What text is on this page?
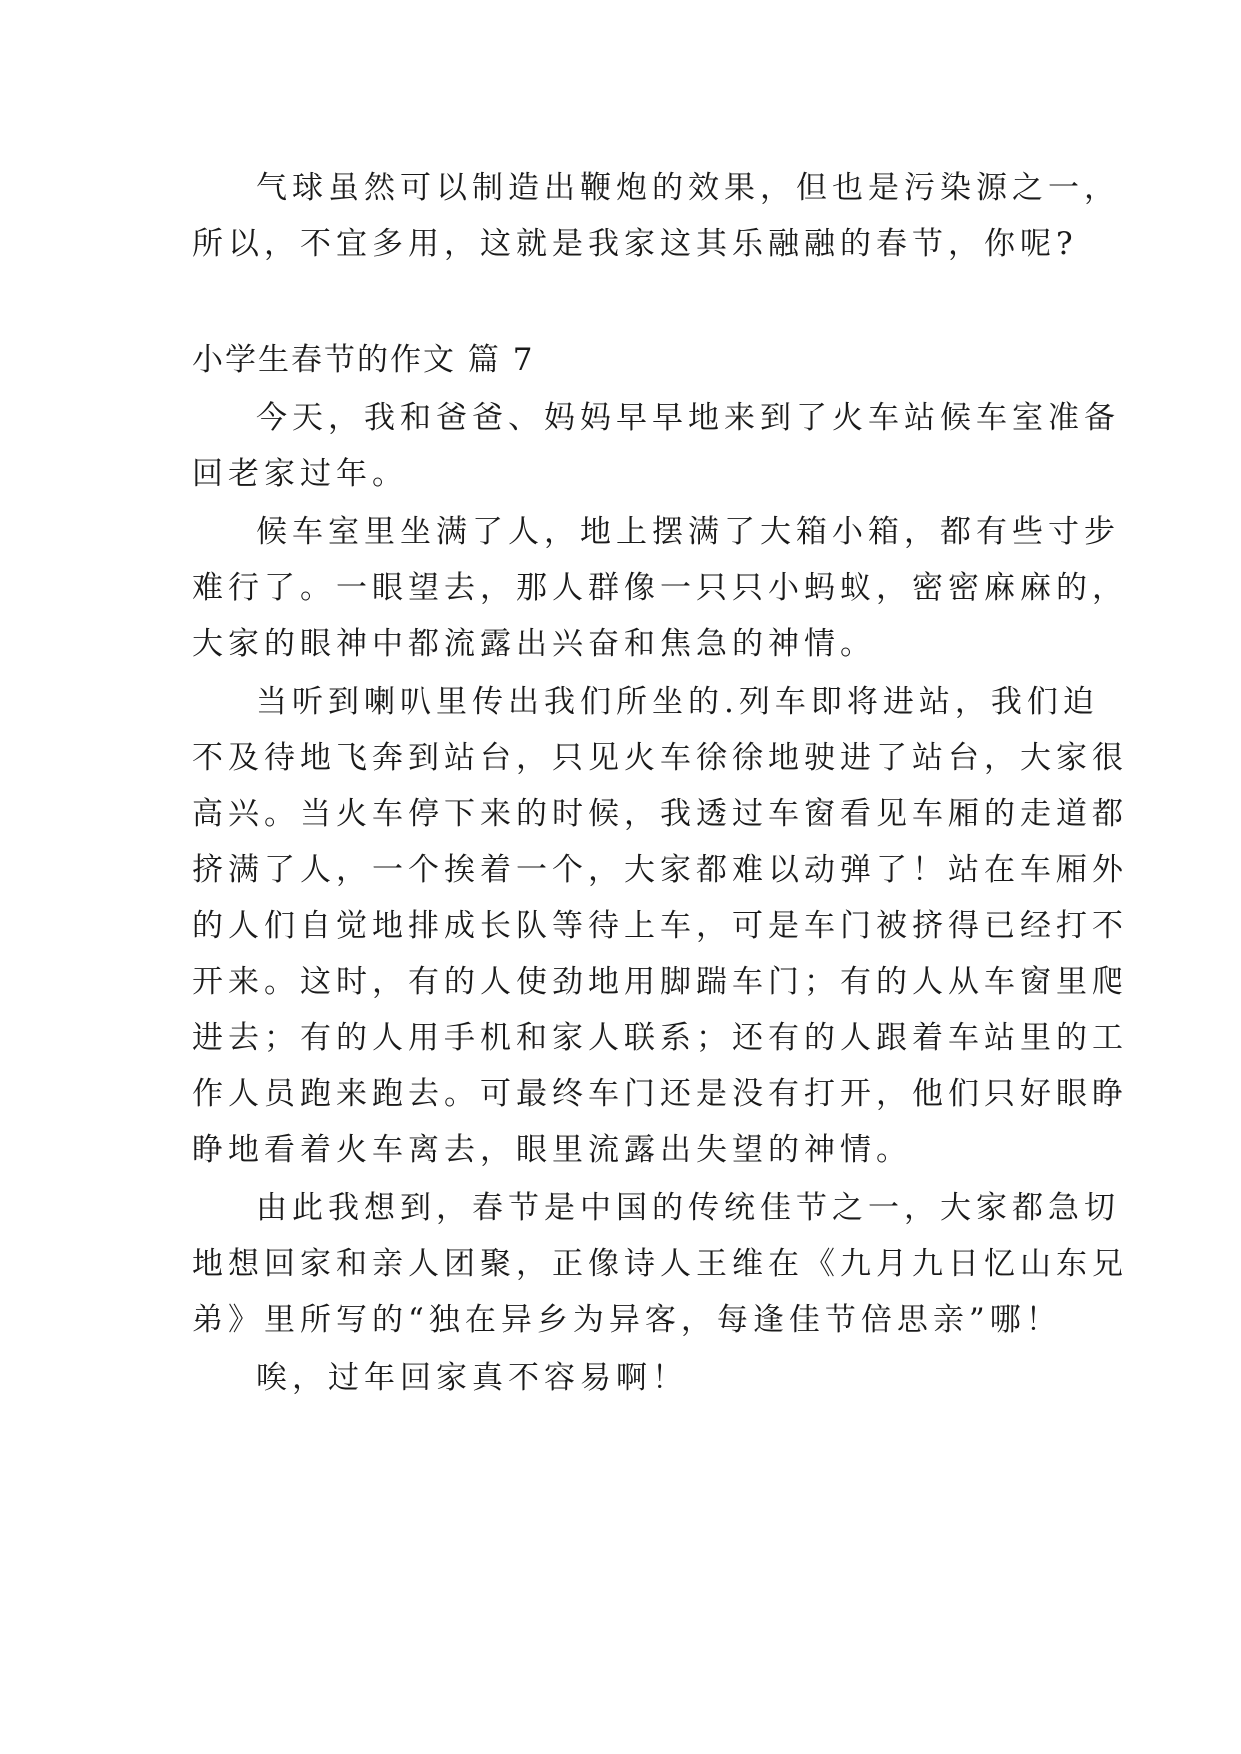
气球虽然可以制造出鞭炮的效果，但也是污染源之一，
所以，不宜多用，这就是我家这其乐融融的春节，你呢?
小学生春节的作文 篇 7
今天，我和爸爸、妈妈早早地来到了火车站候车室准备
回老家过年。
候车室里坐满了人，地上摆满了大箱小箱，都有些寸步
难行了。一眼望去，那人群像一只只小蚂蚁，密密麻麻的，
大家的眼神中都流露出兴奋和焦急的神情。
当听到喇叭里传出我们所坐的.列车即将进站，我们迫
不及待地飞奔到站台，只见火车徐徐地驶进了站台，大家很
高兴。当火车停下来的时候，我透过车窗看见车厢的走道都
挤满了人，一个挨着一个，大家都难以动弹了！站在车厢外
的人们自觉地排成长队等待上车，可是车门被挤得已经打不
开来。这时，有的人使劲地用脚踹车门；有的人从车窗里爬
进去；有的人用手机和家人联系；还有的人跟着车站里的工
作人员跑来跑去。可最终车门还是没有打开，他们只好眼睁
睁地看着火车离去，眼里流露出失望的神情。
由此我想到，春节是中国的传统佳节之一，大家都急切
地想回家和亲人团聚，正像诗人王维在《九月九日忆山东兄
弟》里所写的“独在异乡为异客，每逢佳节倍思亲”哪！
唉，过年回家真不容易啊！
